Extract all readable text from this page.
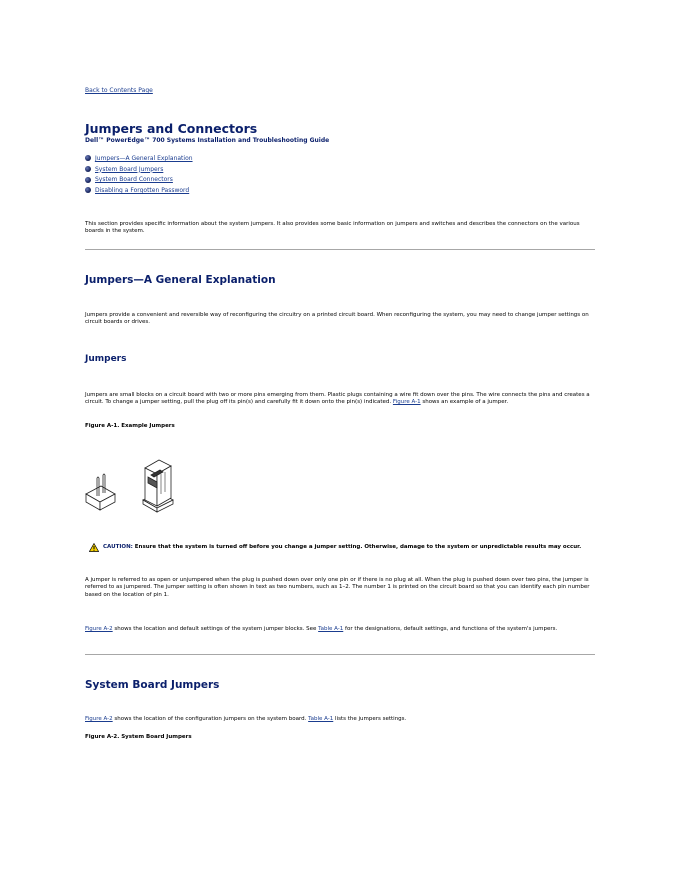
Back to Contents Page
Jumpers and Connectors
Dell™ PowerEdge™ 700 Systems Installation and Troubleshooting Guide
Jumpers—A General Explanation
System Board Jumpers
System Board Connectors
Disabling a Forgotten Password
This section provides specific information about the system jumpers. It also provides some basic information on jumpers and switches and describes the connectors on the various boards in the system.
Jumpers—A General Explanation
Jumpers provide a convenient and reversible way of reconfiguring the circuitry on a printed circuit board. When reconfiguring the system, you may need to change jumper settings on circuit boards or drives.
Jumpers
Jumpers are small blocks on a circuit board with two or more pins emerging from them. Plastic plugs containing a wire fit down over the pins. The wire connects the pins and creates a circuit. To change a jumper setting, pull the plug off its pin(s) and carefully fit it down onto the pin(s) indicated. Figure A-1 shows an example of a jumper.
Figure A-1. Example Jumpers
CAUTION: Ensure that the system is turned off before you change a jumper setting. Otherwise, damage to the system or unpredictable results may occur.
A jumper is referred to as open or unjumpered when the plug is pushed down over only one pin or if there is no plug at all. When the plug is pushed down over two pins, the jumper is referred to as jumpered. The jumper setting is often shown in text as two numbers, such as 1–2. The number 1 is printed on the circuit board so that you can identify each pin number based on the location of pin 1.
Figure A-2 shows the location and default settings of the system jumper blocks. See Table A-1 for the designations, default settings, and functions of the system's jumpers.
System Board Jumpers
Figure A-2 shows the location of the configuration jumpers on the system board. Table A-1 lists the jumpers settings.
Figure A-2. System Board Jumpers
